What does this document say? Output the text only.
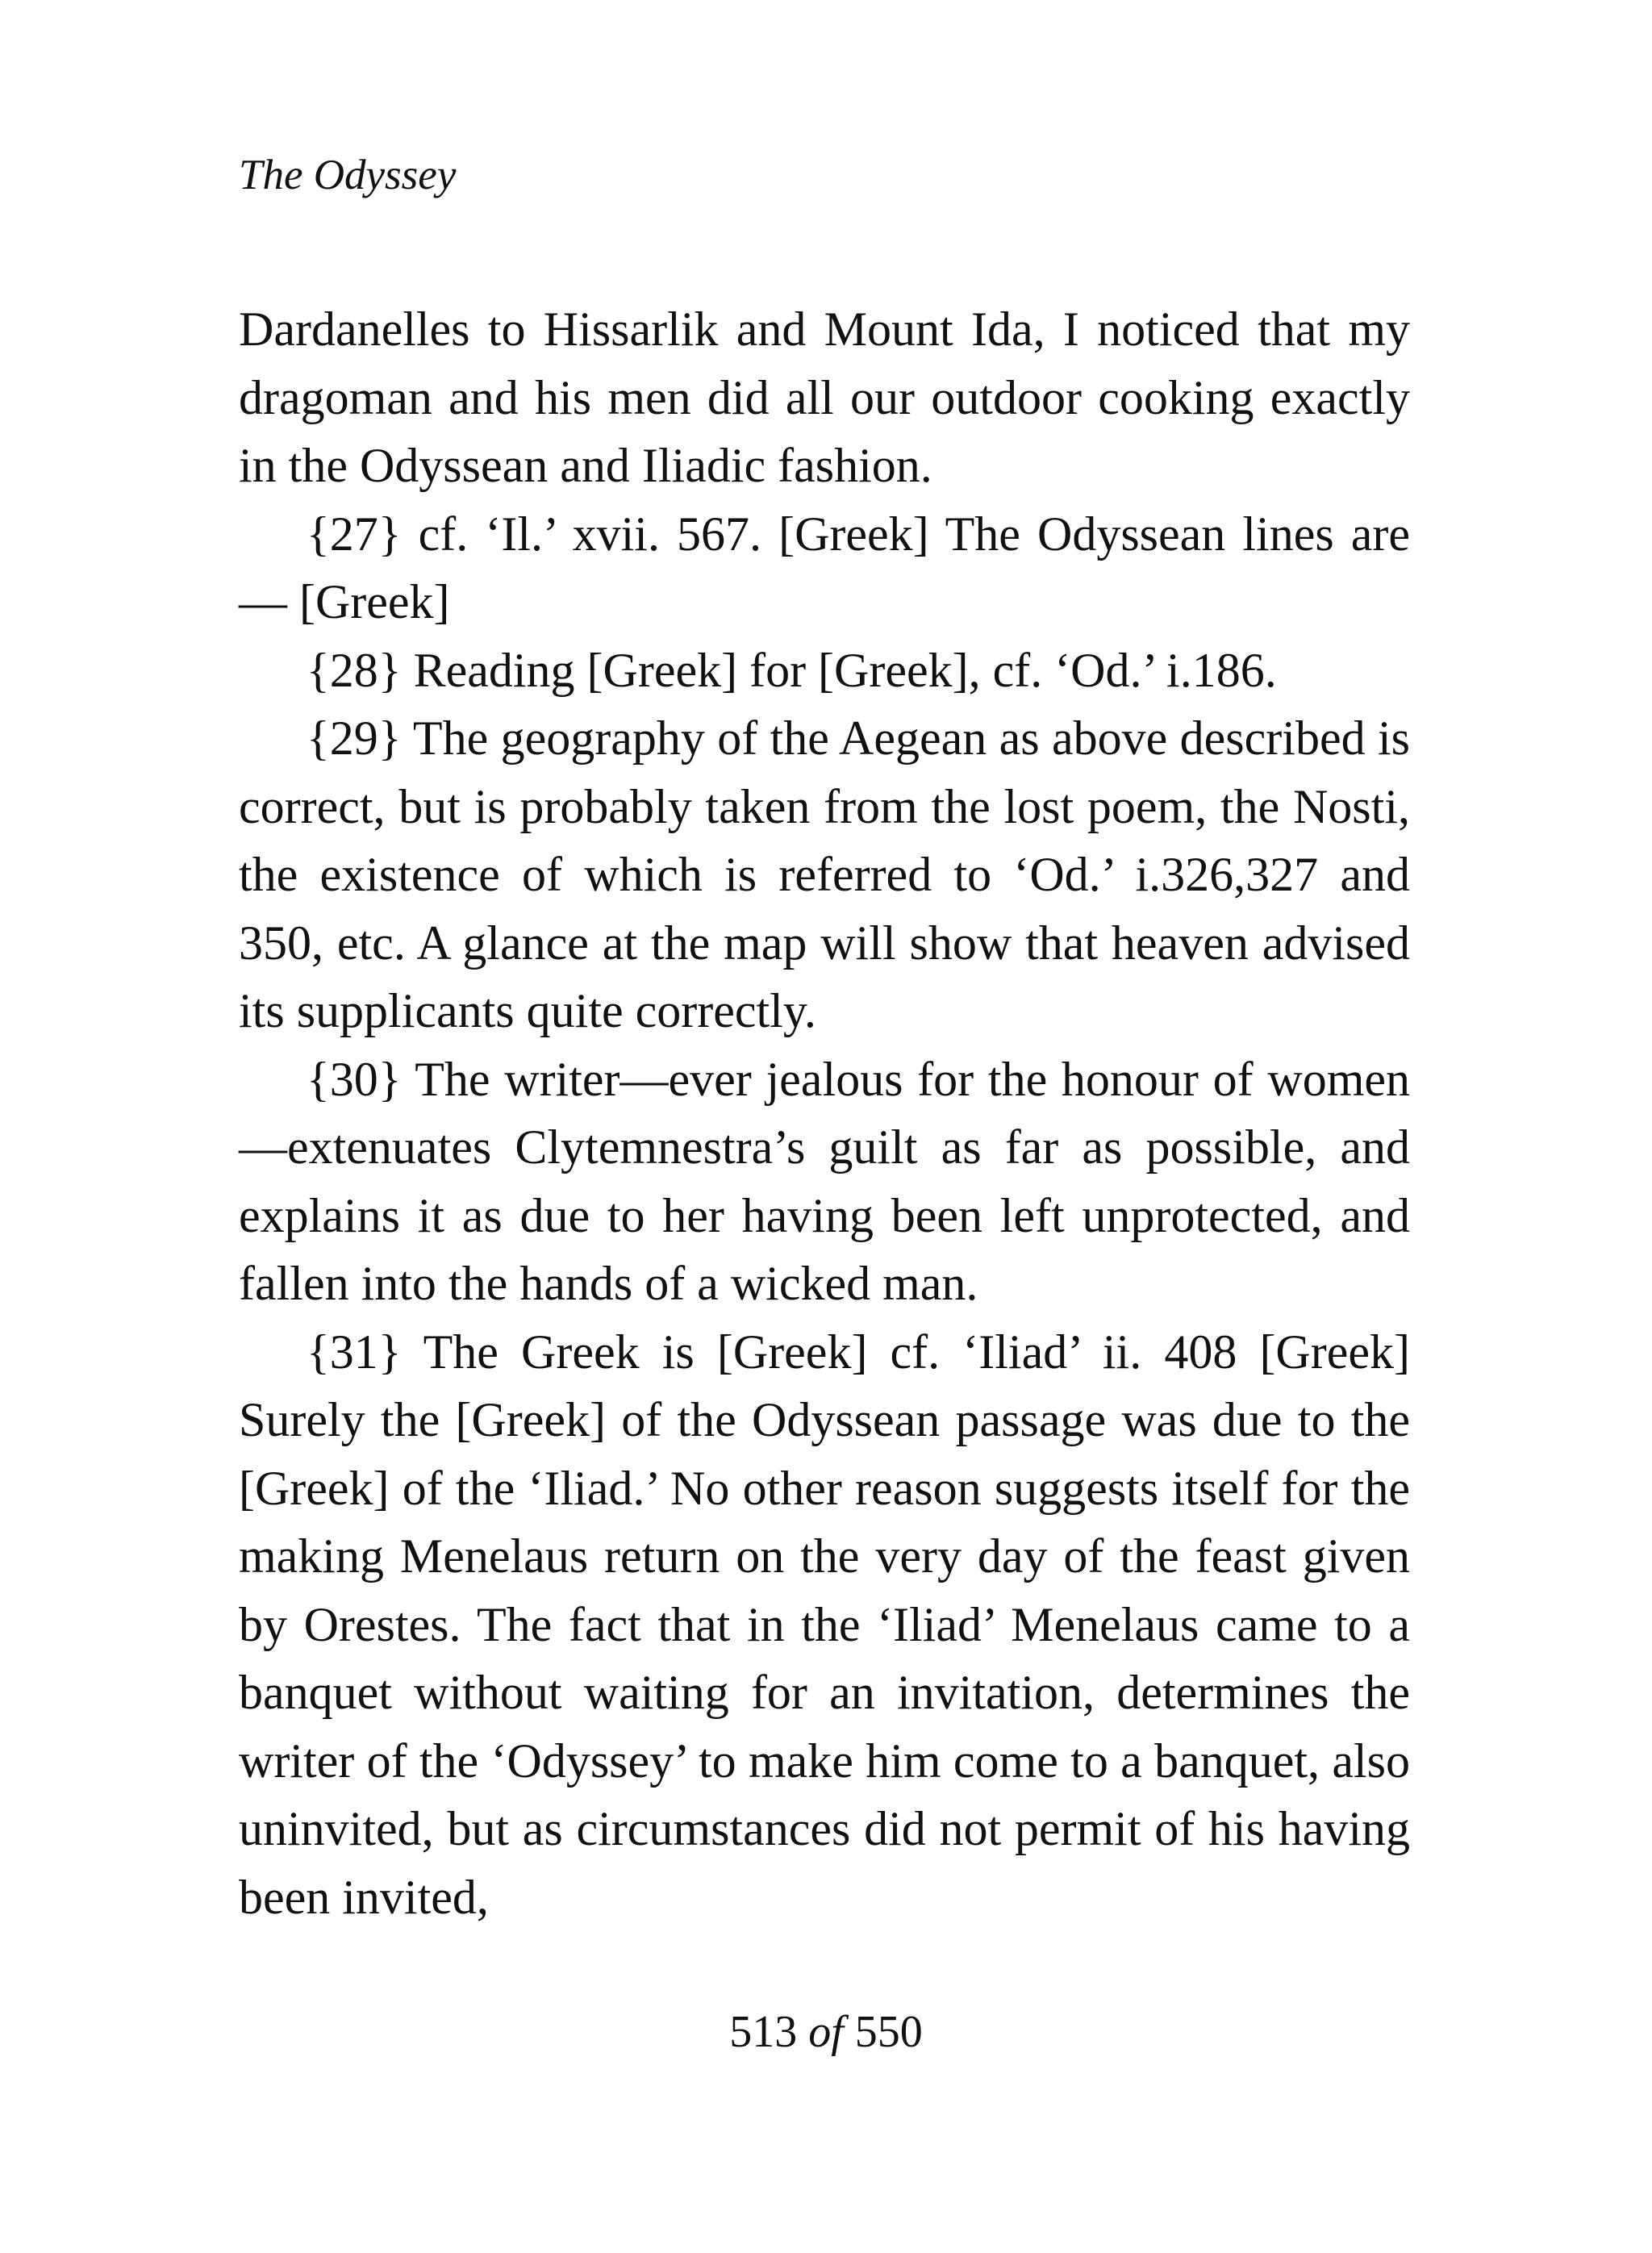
The Odyssey

Dardanelles to Hissarlik and Mount Ida, I noticed that my dragoman and his men did all our outdoor cooking exactly in the Odyssean and Iliadic fashion.

{27} cf. ‘Il.’ xvii. 567. [Greek] The Odyssean lines are— [Greek]

{28} Reading [Greek] for [Greek], cf. ‘Od.’ i.186.

{29} The geography of the Aegean as above described is correct, but is probably taken from the lost poem, the Nosti, the existence of which is referred to ‘Od.’ i.326,327 and 350, etc. A glance at the map will show that heaven advised its supplicants quite correctly.

{30} The writer—ever jealous for the honour of women—extenuates Clytemnestra’s guilt as far as possible, and explains it as due to her having been left unprotected, and fallen into the hands of a wicked man.

{31} The Greek is [Greek] cf. ‘Iliad’ ii. 408 [Greek] Surely the [Greek] of the Odyssean passage was due to the [Greek] of the ‘Iliad.’ No other reason suggests itself for the making Menelaus return on the very day of the feast given by Orestes. The fact that in the ‘Iliad’ Menelaus came to a banquet without waiting for an invitation, determines the writer of the ‘Odyssey’ to make him come to a banquet, also uninvited, but as circumstances did not permit of his having been invited,

513 of 550
